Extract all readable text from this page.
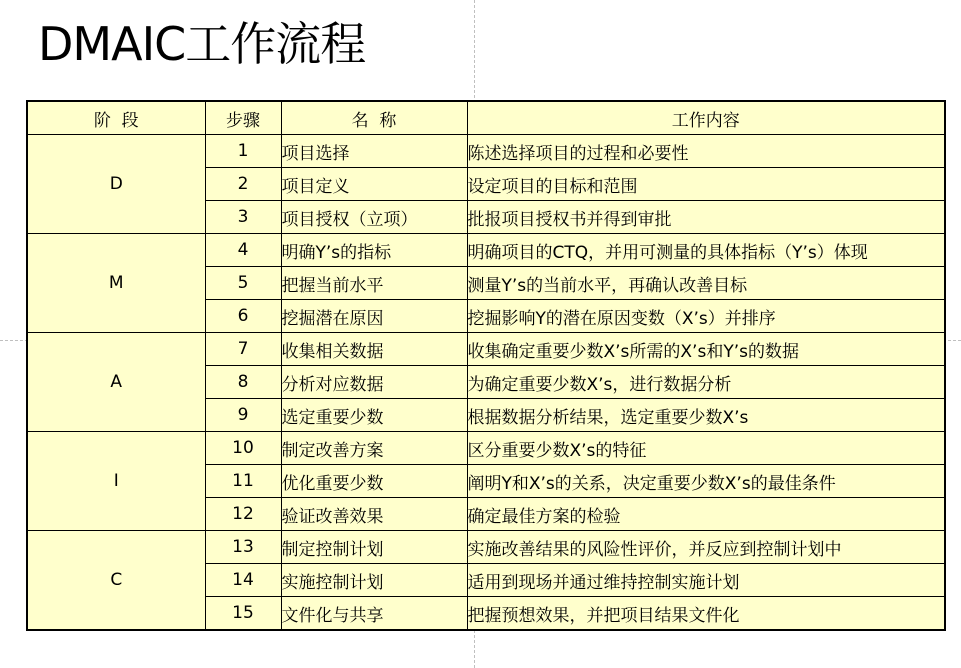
DMAIC工作流程
阶  段	步骤	名  称	工作内容
D	1	项目选择	陈述选择项目的过程和必要性
	2	项目定义	设定项目的目标和范围
	3	项目授权（立项）	批报项目授权书并得到审批
M	4	明确Y’s的指标	明确项目的CTQ，并用可测量的具体指标（Y’s）体现
	5	把握当前水平	测量Y’s的当前水平，再确认改善目标
	6	挖掘潜在原因	挖掘影响Y的潜在原因变数（X’s）并排序
A	7	收集相关数据	收集确定重要少数X’s所需的X’s和Y’s的数据
	8	分析对应数据	为确定重要少数X’s，进行数据分析
	9	选定重要少数	根据数据分析结果，选定重要少数X’s
I	10	制定改善方案	区分重要少数X’s的特征
	11	优化重要少数	阐明Y和X’s的关系，决定重要少数X’s的最佳条件
	12	验证改善效果	确定最佳方案的检验
C	13	制定控制计划	实施改善结果的风险性评价，并反应到控制计划中
	14	实施控制计划	适用到现场并通过维持控制实施计划
	15	文件化与共享	把握预想效果，并把项目结果文件化
